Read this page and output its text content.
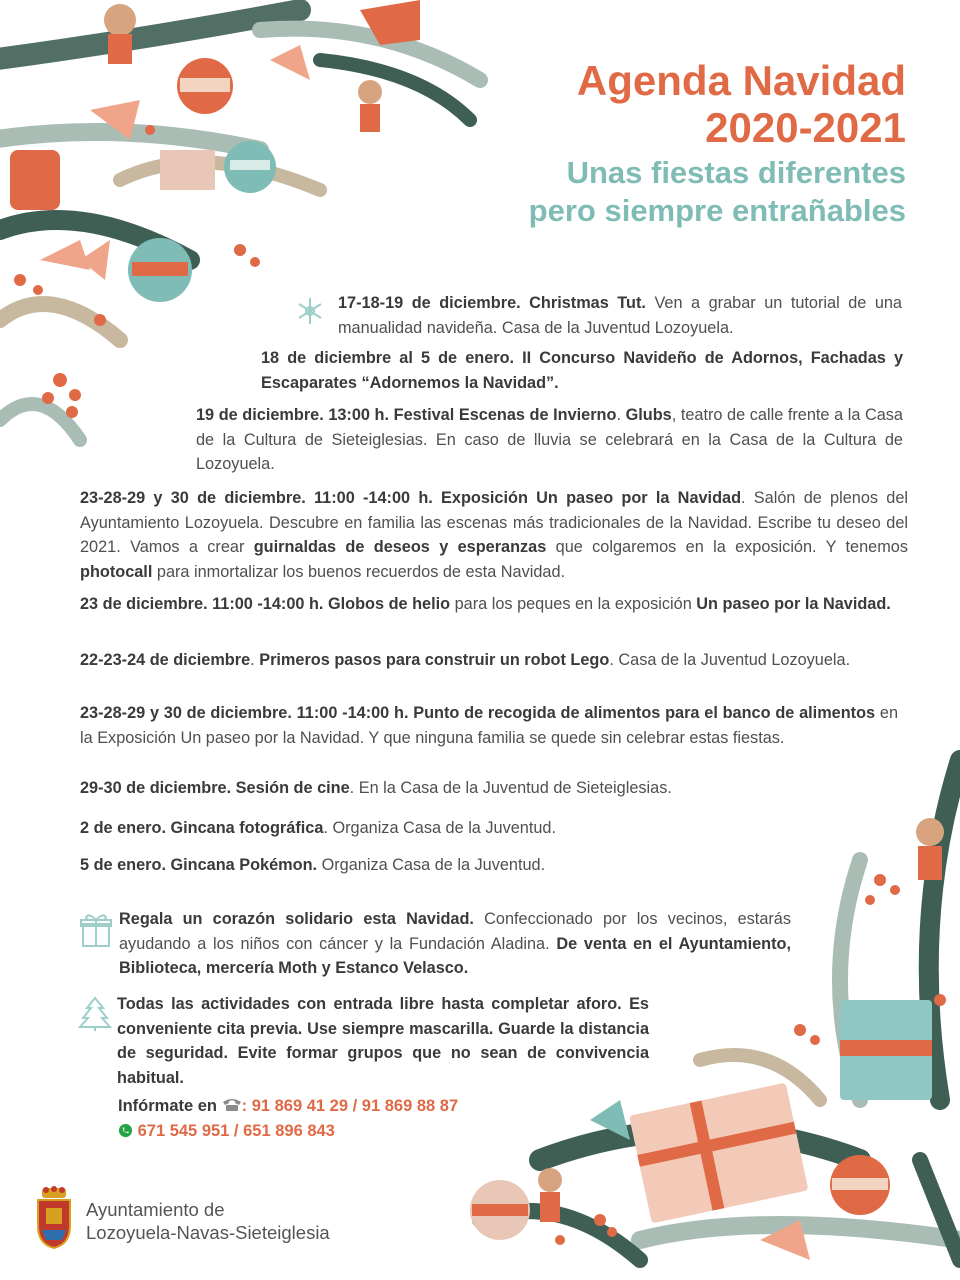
Agenda Navidad
2020-2021
Unas fiestas diferentes
pero siempre entrañables
17-18-19 de diciembre. Christmas Tut. Ven a grabar un tutorial de una manualidad navideña. Casa de la Juventud Lozoyuela.
18 de diciembre al 5 de enero. II Concurso Navideño de Adornos, Fachadas y Escaparates “Adornemos la Navidad”.
19 de diciembre. 13:00 h. Festival Escenas de Invierno. Glubs, teatro de calle frente a la Casa de la Cultura de Sieteiglesias. En caso de lluvia se celebrará en la Casa de la Cultura de Lozoyuela.
23-28-29 y 30 de diciembre. 11:00 -14:00 h. Exposición Un paseo por la Navidad. Salón de plenos del Ayuntamiento Lozoyuela. Descubre en familia las escenas más tradicionales de la Navidad. Escribe tu deseo del 2021. Vamos a crear guirnaldas de deseos y esperanzas que colgaremos en la exposición. Y tenemos photocall para inmortalizar los buenos recuerdos de esta Navidad.
23 de diciembre. 11:00 -14:00 h. Globos de helio para los peques en la exposición Un paseo por la Navidad.
22-23-24 de diciembre. Primeros pasos para construir un robot Lego. Casa de la Juventud Lozoyuela.
23-28-29 y 30 de diciembre. 11:00 -14:00 h. Punto de recogida de alimentos para el banco de alimentos en la Exposición Un paseo por la Navidad. Y que ninguna familia se quede sin celebrar estas fiestas.
29-30 de diciembre. Sesión de cine. En la Casa de la Juventud de Sieteiglesias.
2 de enero. Gincana fotográfica. Organiza Casa de la Juventud.
5 de enero. Gincana Pokémon. Organiza Casa de la Juventud.
Regala un corazón solidario esta Navidad. Confeccionado por los vecinos, estarás ayudando a los niños con cáncer y la Fundación Aladina. De venta en el Ayuntamiento, Biblioteca, mercería Moth y Estanco Velasco.
Todas las actividades con entrada libre hasta completar aforo. Es conveniente cita previa. Use siempre mascarilla. Guarde la distancia de seguridad. Evite formar grupos que no sean de convivencia habitual.
Infórmate en : 91 869 41 29 / 91 869 88 87
671 545 951 / 651 896 843
Ayuntamiento de
Lozoyuela-Navas-Sieteiglesia
